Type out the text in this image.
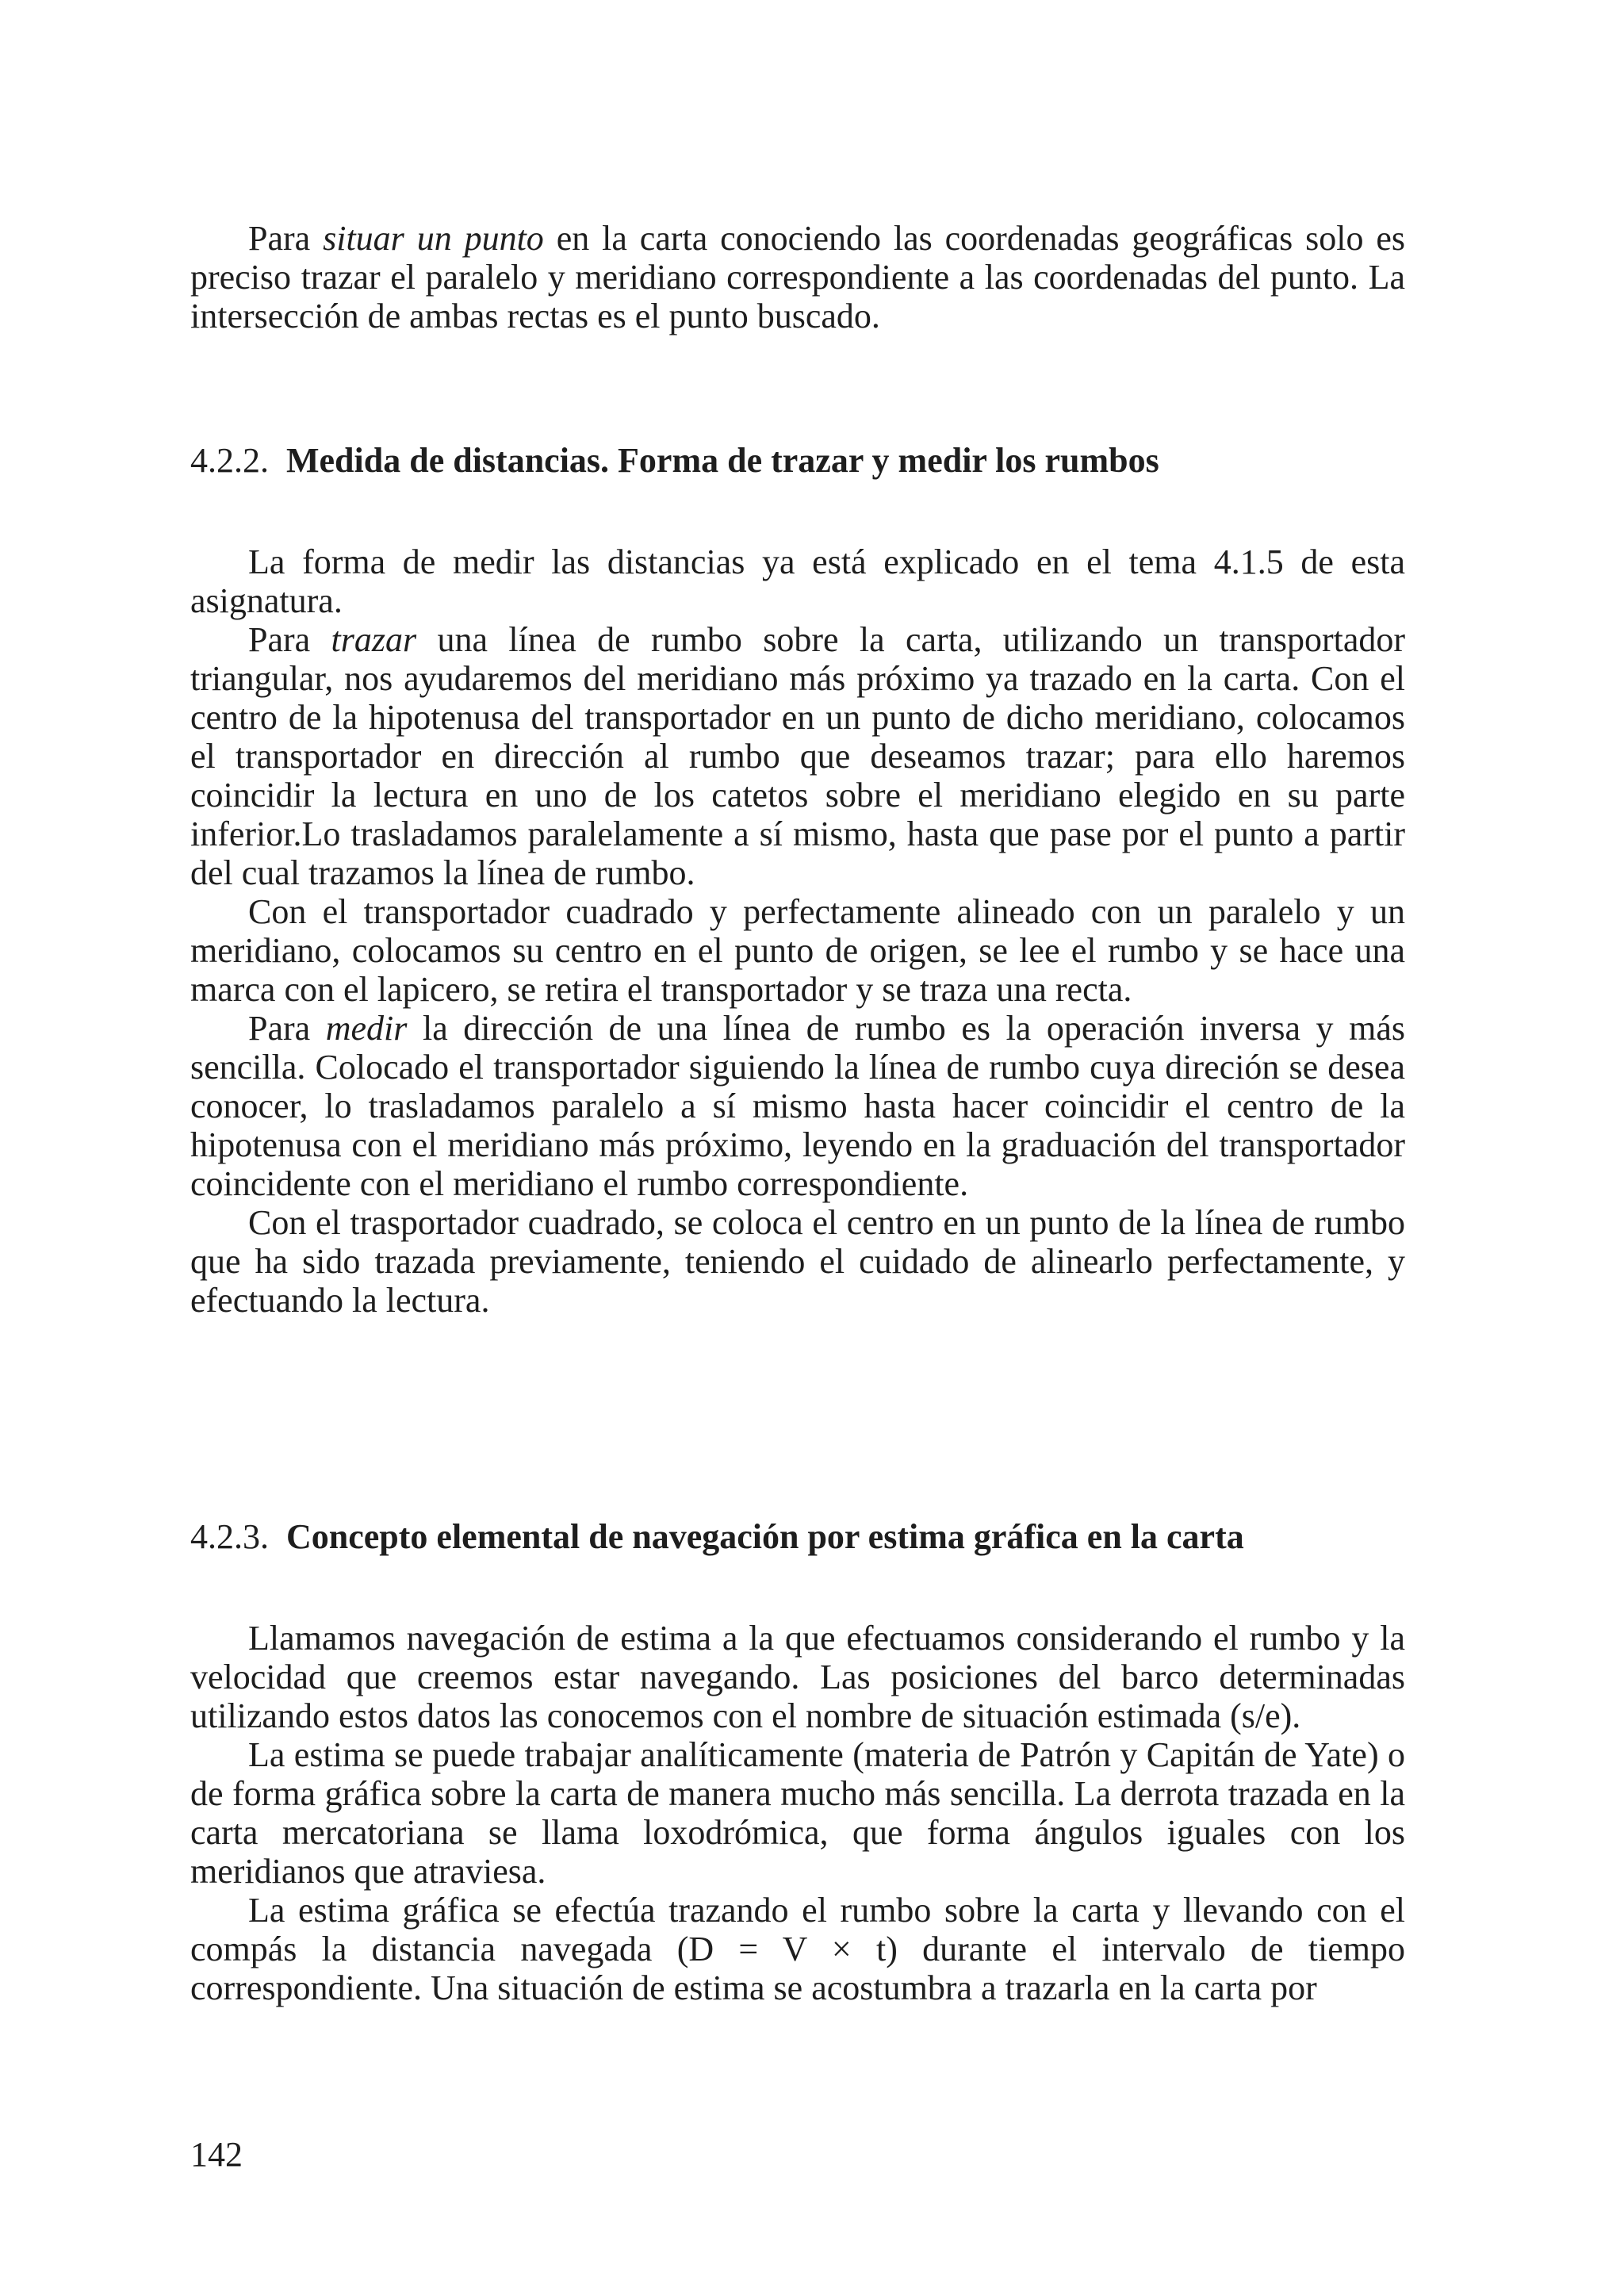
Para situar un punto en la carta conociendo las coordenadas geográficas solo es preciso trazar el paralelo y meridiano correspondiente a las coordenadas del punto. La intersección de ambas rectas es el punto buscado.

4.2.2. Medida de distancias. Forma de trazar y medir los rumbos

La forma de medir las distancias ya está explicado en el tema 4.1.5 de esta asignatura.

Para trazar una línea de rumbo sobre la carta, utilizando un transportador triangular, nos ayudaremos del meridiano más próximo ya trazado en la carta. Con el centro de la hipotenusa del transportador en un punto de dicho meridiano, colocamos el transportador en dirección al rumbo que deseamos trazar; para ello haremos coincidir la lectura en uno de los catetos sobre el meridiano elegido en su parte inferior.Lo trasladamos paralelamente a sí mismo, hasta que pase por el punto a partir del cual trazamos la línea de rumbo.

Con el transportador cuadrado y perfectamente alineado con un paralelo y un meridiano, colocamos su centro en el punto de origen, se lee el rumbo y se hace una marca con el lapicero, se retira el transportador y se traza una recta.

Para medir la dirección de una línea de rumbo es la operación inversa y más sencilla. Colocado el transportador siguiendo la línea de rumbo cuya direción se desea conocer, lo trasladamos paralelo a sí mismo hasta hacer coincidir el centro de la hipotenusa con el meridiano más próximo, leyendo en la graduación del transportador coincidente con el meridiano el rumbo correspondiente.

Con el trasportador cuadrado, se coloca el centro en un punto de la línea de rumbo que ha sido trazada previamente, teniendo el cuidado de alinearlo perfectamente, y efectuando la lectura.

4.2.3. Concepto elemental de navegación por estima gráfica en la carta

Llamamos navegación de estima a la que efectuamos considerando el rumbo y la velocidad que creemos estar navegando. Las posiciones del barco determinadas utilizando estos datos las conocemos con el nombre de situación estimada (s/e).

La estima se puede trabajar analíticamente (materia de Patrón y Capitán de Yate) o de forma gráfica sobre la carta de manera mucho más sencilla. La derrota trazada en la carta mercatoriana se llama loxodrómica, que forma ángulos iguales con los meridianos que atraviesa.

La estima gráfica se efectúa trazando el rumbo sobre la carta y llevando con el compás la distancia navegada (D = V × t) durante el intervalo de tiempo correspondiente. Una situación de estima se acostumbra a trazarla en la carta por

142
